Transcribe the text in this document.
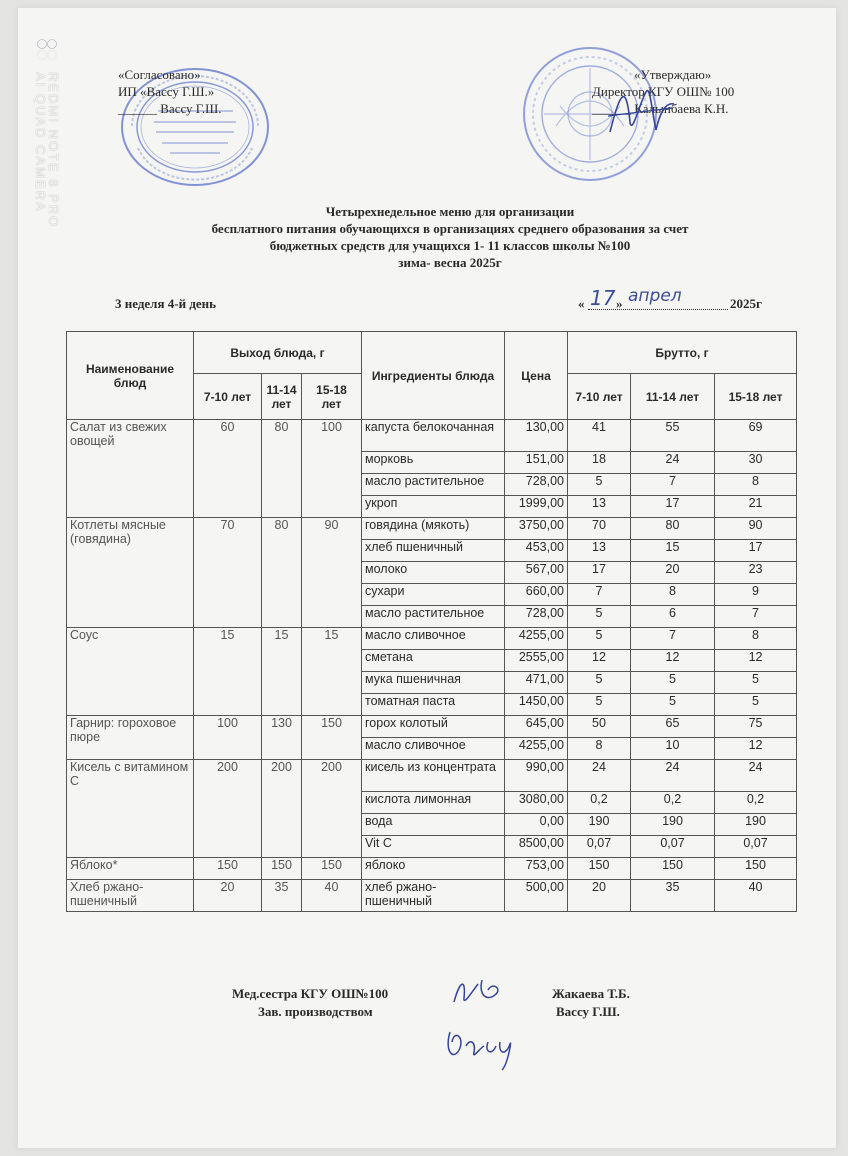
REDMI NOTE 8 PRO
AI QUAD CAMERA	«Согласовано»
ИП «Вассу Г.Ш.»
______ Вассу Г.Ш.
«Утверждаю»
Директор КГУ ОШ№ 100
______ Калынбаева К.Н.
Четырехнедельное меню для организации
бесплатного питания обучающихся в организациях среднего образования за счет
бюджетных средств для учащихся 1- 11 классов школы №100
зима- весна 2025г
3 неделя 4-й день	« 17 » апрел	2025г
Наименование блюд	Выход блюда, г			Ингредиенты блюда	Цена	Брутто, г		
	7-10 лет	11-14 лет	15-18 лет			7-10 лет	11-14 лет	15-18 лет
Салат из свежих овощей	60	80	100	капуста белокочанная	130,00	41	55	69
				морковь	151,00	18	24	30
				масло растительное	728,00	5	7	8
				укроп	1999,00	13	17	21
Котлеты мясные (говядина)	70	80	90	говядина (мякоть)	3750,00	70	80	90
				хлеб пшеничный	453,00	13	15	17
				молоко	567,00	17	20	23
				сухари	660,00	7	8	9
				масло растительное	728,00	5	6	7
Соус	15	15	15	масло сливочное	4255,00	5	7	8
				сметана	2555,00	12	12	12
				мука пшеничная	471,00	5	5	5
				томатная паста	1450,00	5	5	5
Гарнир: гороховое пюре	100	130	150	горох колотый	645,00	50	65	75
				масло сливочное	4255,00	8	10	12
Кисель с витамином С	200	200	200	кисель из концентрата	990,00	24	24	24
				кислота лимонная	3080,00	0,2	0,2	0,2
				вода	0,00	190	190	190
				Vit C	8500,00	0,07	0,07	0,07
Яблоко*	150	150	150	яблоко	753,00	150	150	150
Хлеб ржано-пшеничный	20	35	40	хлеб ржано-пшеничный	500,00	20	35	40
Мед.сестра КГУ ОШ№100	Жакаева Т.Б.
Зав. производством	Вассу Г.Ш.
